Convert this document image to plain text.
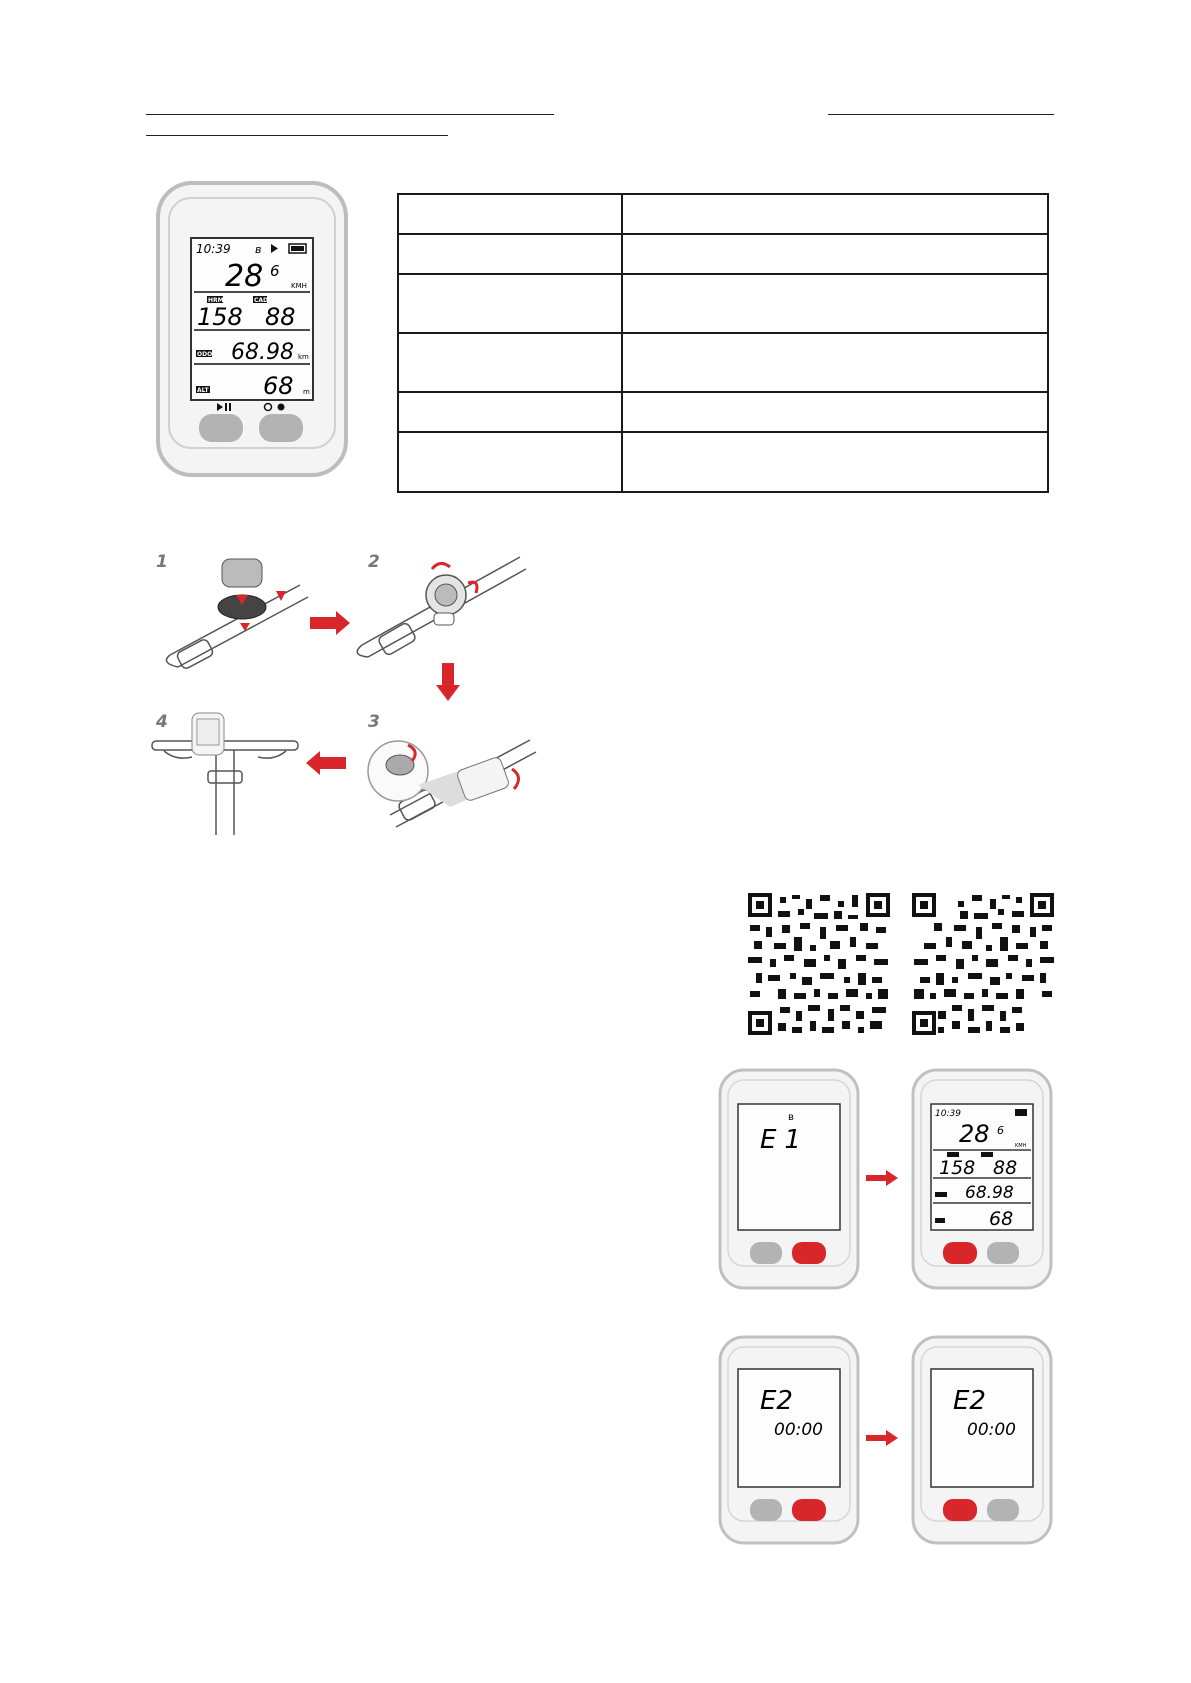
10:39 ʙ
28 6
KMH
HRM	CAD
158 88
ODO 68.98 km
ALT 68 m

1	2
3
4
ʙ
E1
10:39
28 6
KMH
158 88
68.98
68
E2
00:00
E2
00:00
